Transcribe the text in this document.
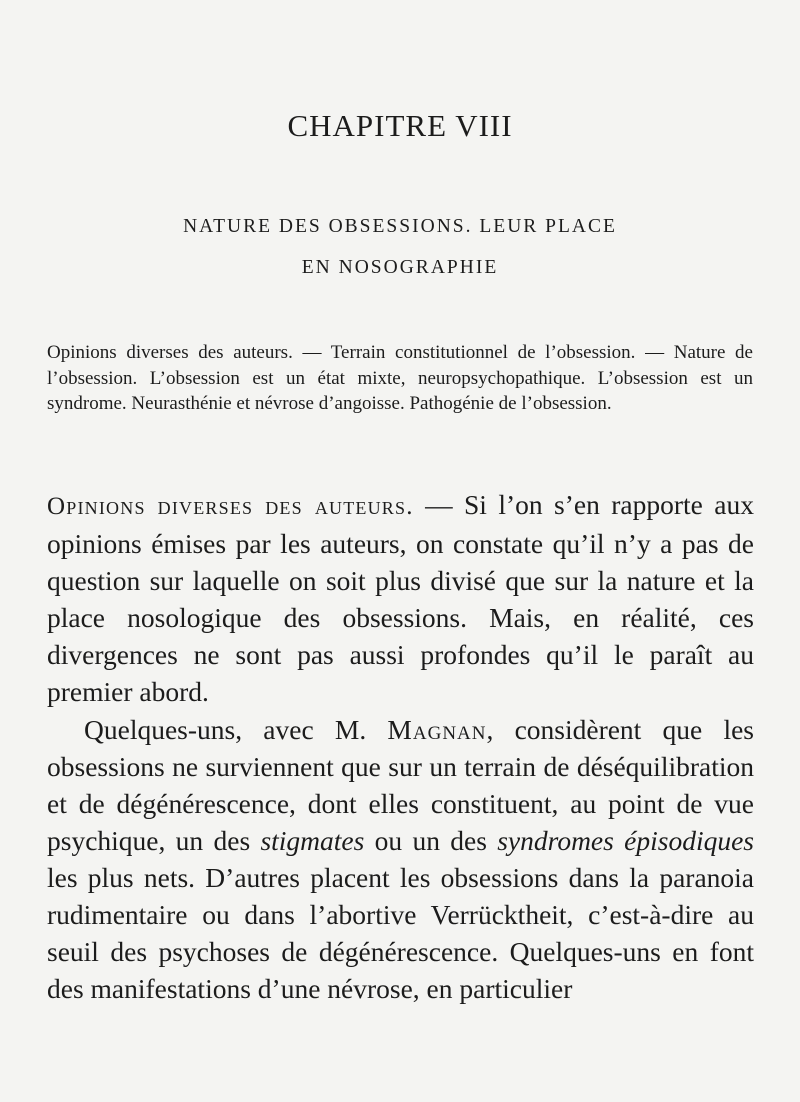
CHAPITRE VIII
NATURE DES OBSESSIONS. LEUR PLACE
EN NOSOGRAPHIE

Opinions diverses des auteurs. — Terrain constitutionnel de l’obsession. — Nature de l’obsession. L’obsession est un état mixte, neuropsychopathique. L’obsession est un syndrome. Neurasthénie et névrose d’angoisse. Pathogénie de l’obsession.

Opinions diverses des auteurs. — Si l’on s’en rapporte aux opinions émises par les auteurs, on constate qu’il n’y a pas de question sur laquelle on soit plus divisé que sur la nature et la place nosologique des obsessions. Mais, en réalité, ces divergences ne sont pas aussi profondes qu’il le paraît au premier abord.

Quelques-uns, avec M. Magnan, considèrent que les obsessions ne surviennent que sur un terrain de déséquilibration et de dégénérescence, dont elles constituent, au point de vue psychique, un des stigmates ou un des syndromes épisodiques les plus nets. D’autres placent les obsessions dans la paranoia rudimentaire ou dans l’abortive Verrücktheit, c’est-à-dire au seuil des psychoses de dégénérescence. Quelques-uns en font des manifestations d’une névrose, en particulier
